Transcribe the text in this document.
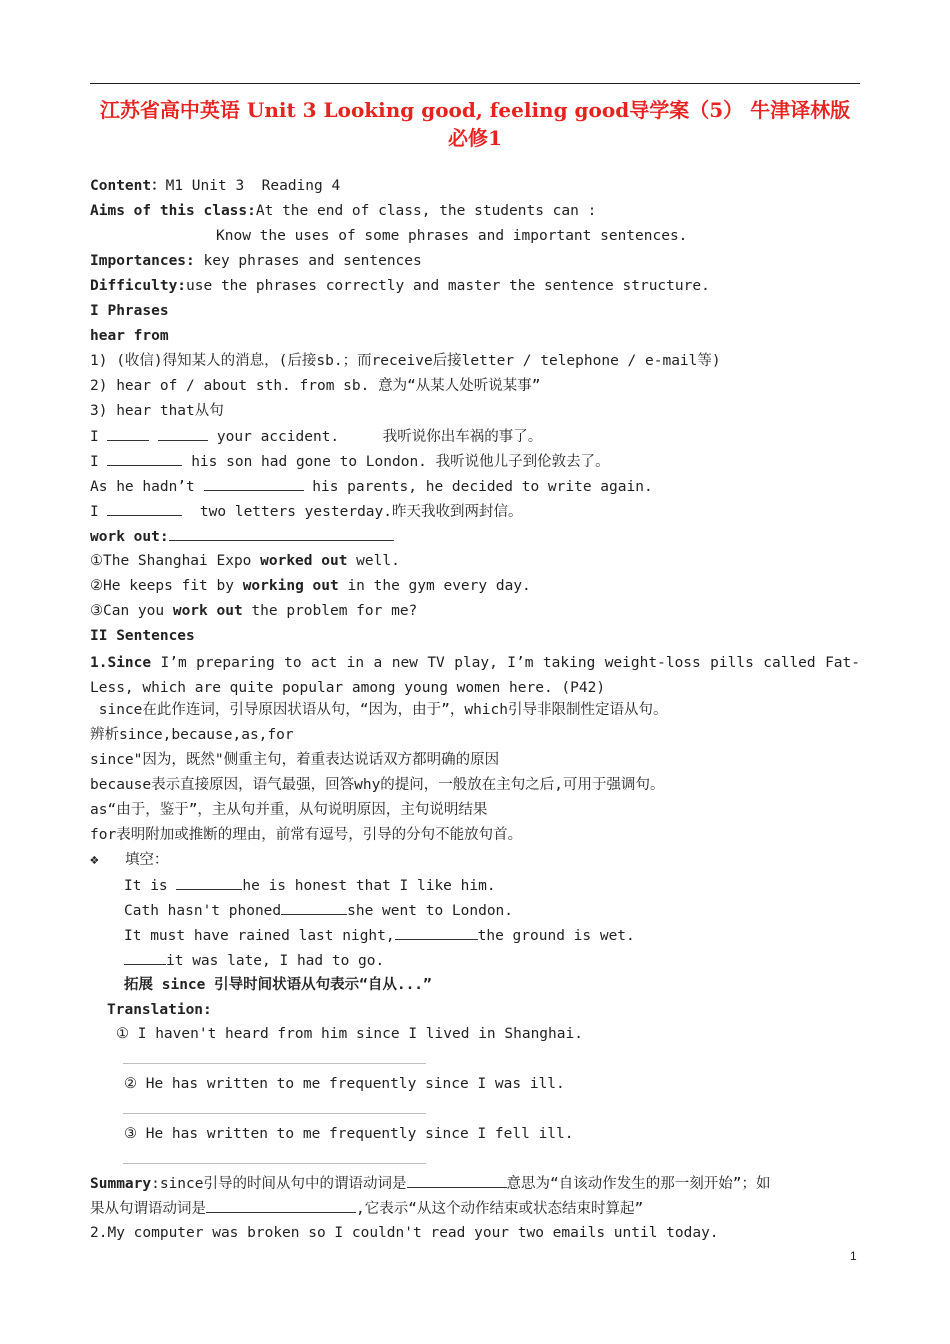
江苏省高中英语 Unit 3 Looking good, feeling good导学案（5） 牛津译林版必修1
Content：M1 Unit 3  Reading 4
Aims of this class:At the end of class, the students can :
Know the uses of some phrases and important sentences.
Importances: key phrases and sentences
Difficulty:use the phrases correctly and master the sentence structure.
I Phrases
hear from
1) (收信)得知某人的消息，(后接sb.；而receive后接letter / telephone / e-mail等)
2) hear of / about sth. from sb. 意为“从某人处听说某事”
3) hear that从句
I	your accident.     我听说你出车祸的事了。
I	his son had gone to London. 我听说他儿子到伦敦去了。
As he hadn’t	his parents, he decided to write again.
I	two letters yesterday.昨天我收到两封信。
work out:
①The Shanghai Expo worked out well.
②He keeps fit by working out in the gym every day.
③Can you work out the problem for me?
II Sentences
1.Since I’m preparing to act in a new TV play, I’m taking weight-loss pills called Fat-Less, which are quite popular among young women here. (P42)
since在此作连词，引导原因状语从句，“因为，由于”，which引导非限制性定语从句。
辨析since,because,as,for
since"因为，既然"侧重主句，着重表达说话双方都明确的原因
because表示直接原因，语气最强，回答why的提问，一般放在主句之后,可用于强调句。
as“由于，鉴于”，主从句并重，从句说明原因，主句说明结果
for表明附加或推断的理由，前常有逗号，引导的分句不能放句首。
❖ 填空：
It is	he is honest that I like him.
Cath hasn't phoned	she went to London.
It must have rained last night,	the ground is wet.
it was late, I had to go.
拓展 since 引导时间状语从句表示“自从...”
Translation:
① I haven't heard from him since I lived in Shanghai.
② He has written to me frequently since I was ill.
③ He has written to me frequently since I fell ill.
Summary:since引导的时间从句中的谓语动词是	意思为“自该动作发生的那一刻开始”；如
果从句谓语动词是	,它表示“从这个动作结束或状态结束时算起”
2.My computer was broken so I couldn't read your two emails until today.
1
